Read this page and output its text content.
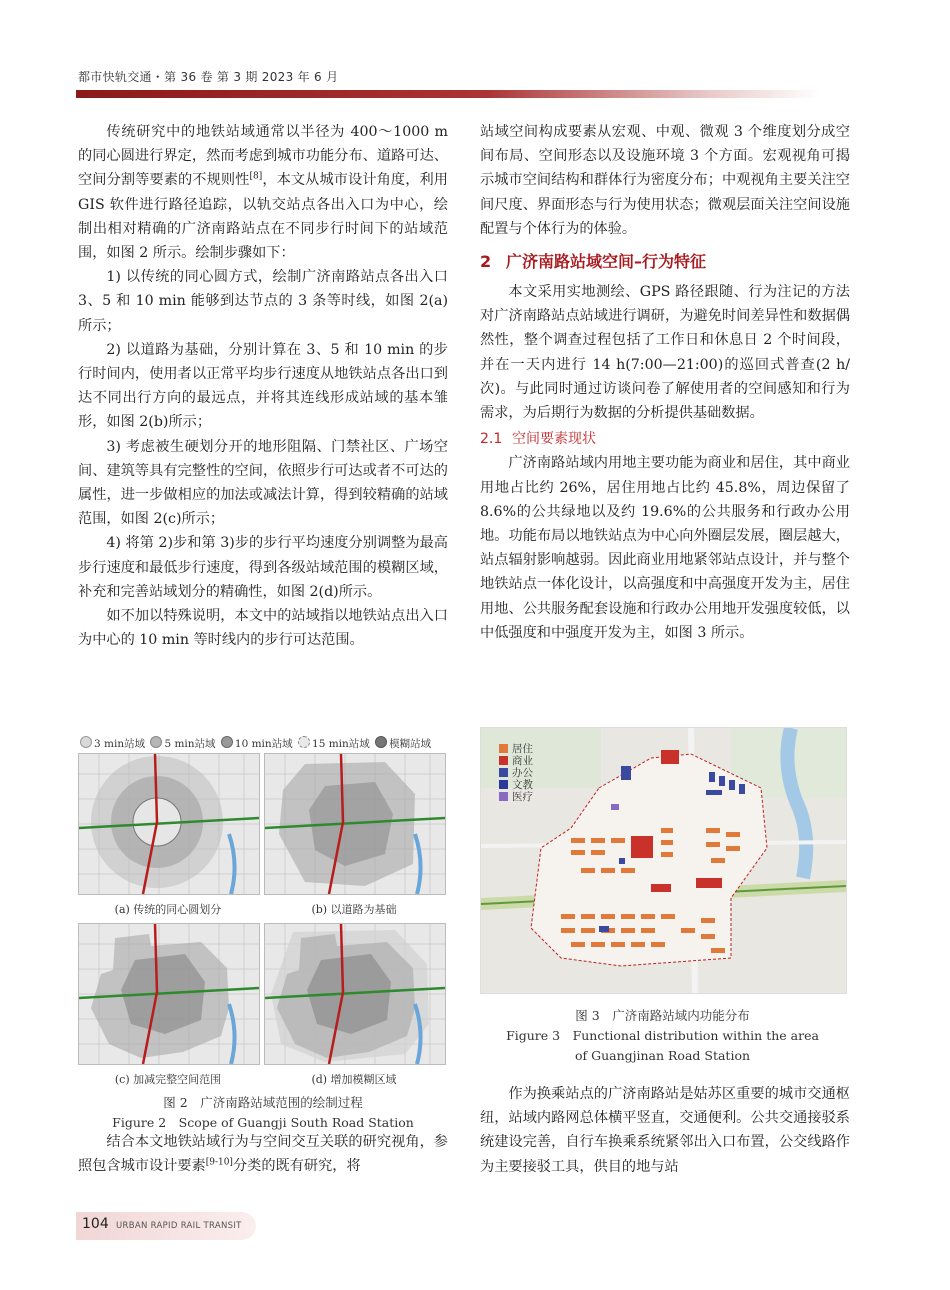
都市快轨交通・第 36 卷 第 3 期 2023 年 6 月

传统研究中的地铁站域通常以半径为 400～1000 m 的同心圆进行界定，然而考虑到城市功能分布、道路可达、空间分割等要素的不规则性[8]，本文从城市设计角度，利用 GIS 软件进行路径追踪，以轨交站点各出入口为中心，绘制出相对精确的广济南路站点在不同步行时间下的站域范围，如图 2 所示。绘制步骤如下：

1) 以传统的同心圆方式，绘制广济南路站点各出入口 3、5 和 10 min 能够到达节点的 3 条等时线，如图 2(a)所示；

2) 以道路为基础，分别计算在 3、5 和 10 min 的步行时间内，使用者以正常平均步行速度从地铁站点各出口到达不同出行方向的最远点，并将其连线形成站域的基本雏形，如图 2(b)所示；

3) 考虑被生硬划分开的地形阻隔、门禁社区、广场空间、建筑等具有完整性的空间，依照步行可达或者不可达的属性，进一步做相应的加法或减法计算，得到较精确的站域范围，如图 2(c)所示；

4) 将第 2)步和第 3)步的步行平均速度分别调整为最高步行速度和最低步行速度，得到各级站域范围的模糊区域，补充和完善站域划分的精确性，如图 2(d)所示。

如不加以特殊说明，本文中的站域指以地铁站点出入口为中心的 10 min 等时线内的步行可达范围。

3 min站域 5 min站域 10 min站域 15 min站域 模糊站域
(a) 传统的同心圆划分	(b) 以道路为基础
(c) 加减完整空间范围	(d) 增加模糊区域
图 2　广济南路站域范围的绘制过程
Figure 2　Scope of Guangji South Road Station

结合本文地铁站域行为与空间交互关联的研究视角，参照包含城市设计要素[9-10]分类的既有研究，将

站域空间构成要素从宏观、中观、微观 3 个维度划分成空间布局、空间形态以及设施环境 3 个方面。宏观视角可揭示城市空间结构和群体行为密度分布；中观视角主要关注空间尺度、界面形态与行为使用状态；微观层面关注空间设施配置与个体行为的体验。

2 广济南路站域空间–行为特征

本文采用实地测绘、GPS 路径跟随、行为注记的方法对广济南路站点站域进行调研，为避免时间差异性和数据偶然性，整个调查过程包括了工作日和休息日 2 个时间段，并在一天内进行 14 h(7:00—21:00)的巡回式普查(2 h/次)。与此同时通过访谈问卷了解使用者的空间感知和行为需求，为后期行为数据的分析提供基础数据。

2.1 空间要素现状

广济南路站域内用地主要功能为商业和居住，其中商业用地占比约 26%，居住用地占比约 45.8%，周边保留了 8.6%的公共绿地以及约 19.6%的公共服务和行政办公用地。功能布局以地铁站点为中心向外圈层发展，圈层越大，站点辐射影响越弱。因此商业用地紧邻站点设计，并与整个地铁站点一体化设计，以高强度和中高强度开发为主，居住用地、公共服务配套设施和行政办公用地开发强度较低，以中低强度和中强度开发为主，如图 3 所示。

居住
商业
办公
文教
医疗
图 3　广济南路站域内功能分布
Figure 3　Functional distribution within the area
of Guangjinan Road Station

作为换乘站点的广济南路站是姑苏区重要的城市交通枢纽，站域内路网总体横平竖直，交通便利。公共交通接驳系统建设完善，自行车换乘系统紧邻出入口布置，公交线路作为主要接驳工具，供目的地与站

104 URBAN RAPID RAIL TRANSIT
